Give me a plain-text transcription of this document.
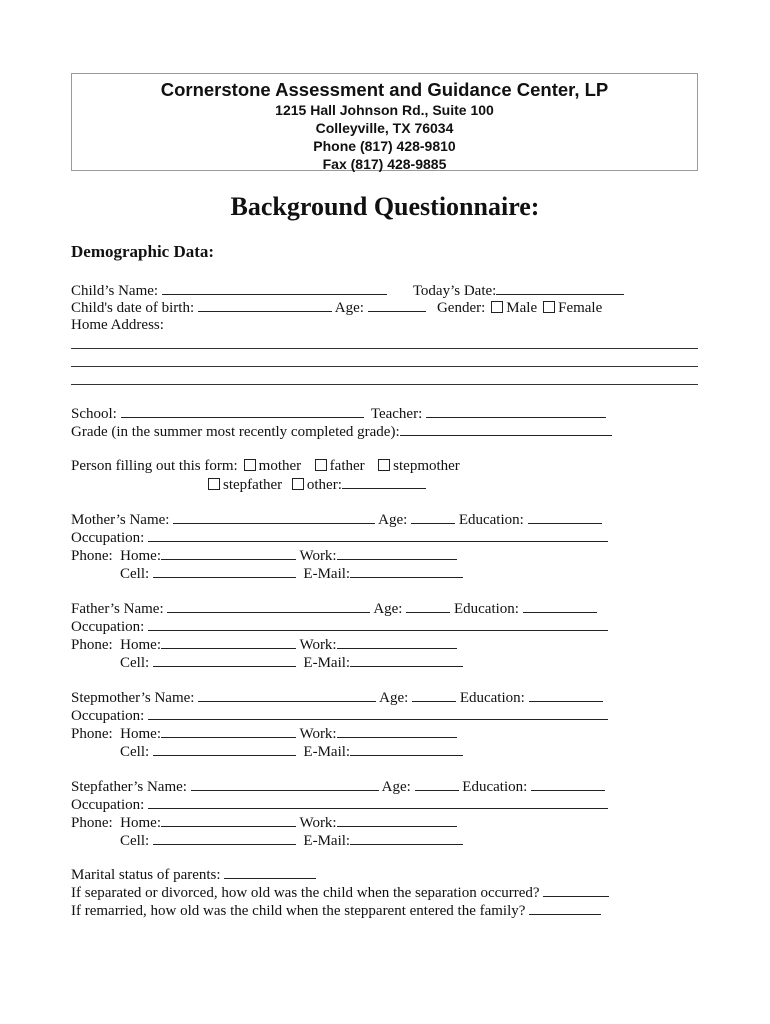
Cornerstone Assessment and Guidance Center, LP
1215 Hall Johnson Rd., Suite 100
Colleyville, TX 76034
Phone (817) 428-9810
Fax (817) 428-9885
Background Questionnaire:
Demographic Data:
Child’s Name:	Today’s Date:
Child's date of birth:	Age:	Gender: Male Female
Home Address:
School:	Teacher:
Grade (in the summer most recently completed grade):
Person filling out this form: mother father stepmother
stepfather other:
Mother’s Name:	Age:	Education:
Occupation:
Phone:  Home:	Work:
Cell:	E-Mail:
Father’s Name:	Age:	Education:
Occupation:
Phone:  Home:	Work:
Cell:	E-Mail:
Stepmother’s Name:	Age:	Education:
Occupation:
Phone:  Home:	Work:
Cell:	E-Mail:
Stepfather’s Name:	Age:	Education:
Occupation:
Phone:  Home:	Work:
Cell:	E-Mail:
Marital status of parents:
If separated or divorced, how old was the child when the separation occurred?
If remarried, how old was the child when the stepparent entered the family?
